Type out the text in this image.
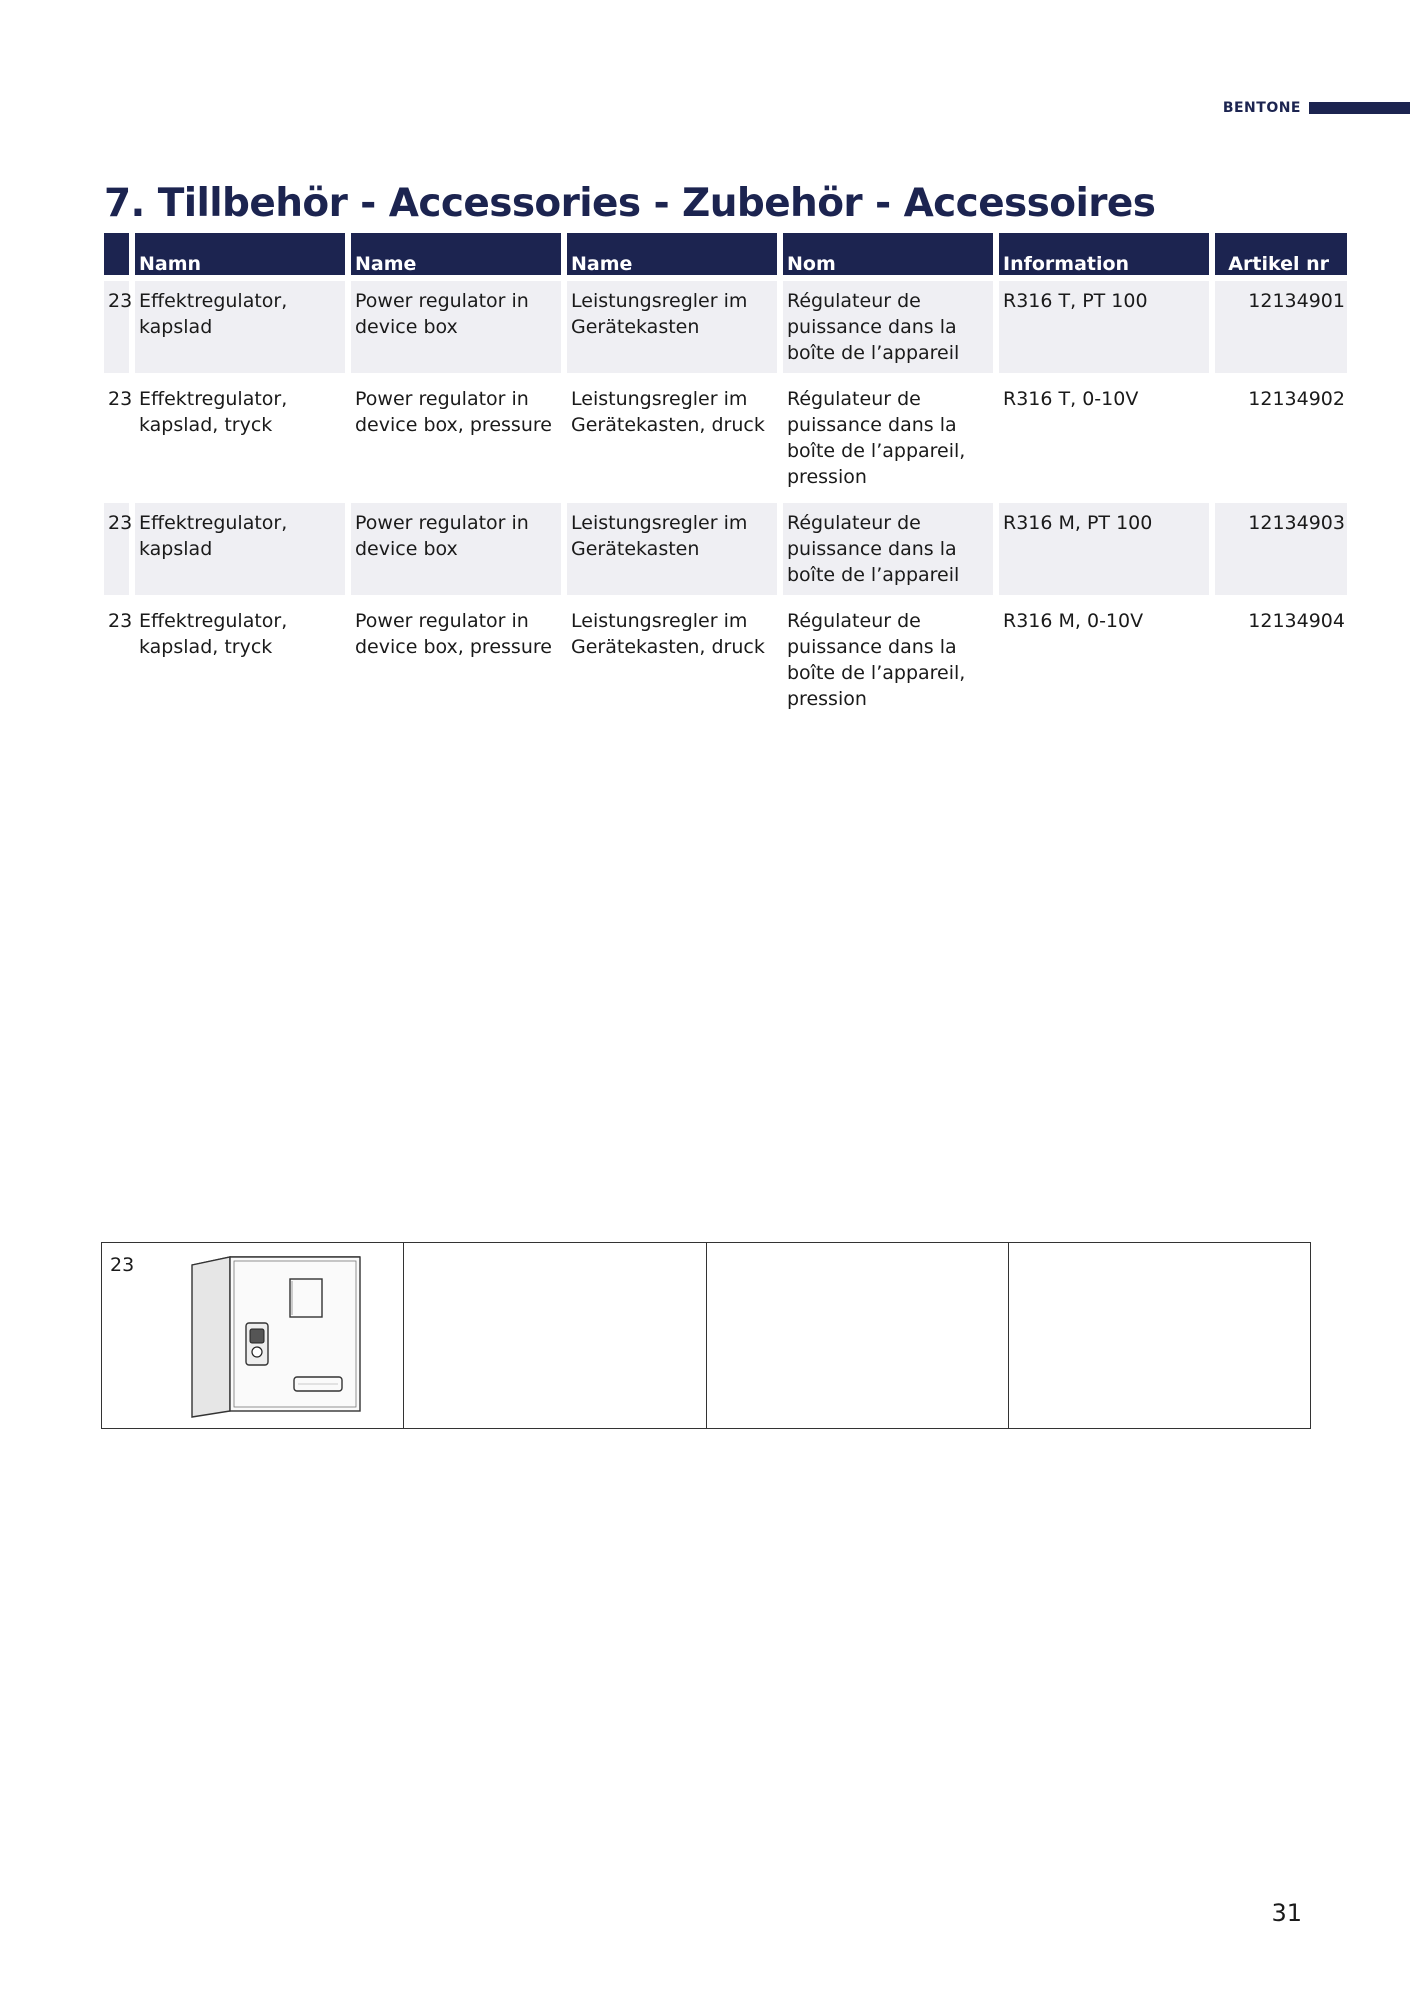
BENTONE
7. Tillbehör - Accessories - Zubehör - Accessoires
	Namn	Name	Name	Nom	Information	Artikel nr

23	Effektregulator, kapslad	Power regulator in device box	Leistungsregler im Gerätekasten	Régulateur de puissance dans la boîte de l’appareil	R316 T, PT 100	12134901

23	Effektregulator, kapslad, tryck	Power regulator in device box, pressure	Leistungsregler im Gerätekasten, druck	Régulateur de puissance dans la boîte de l’appareil, pression	R316 T, 0-10V	12134902

23	Effektregulator, kapslad	Power regulator in device box	Leistungsregler im Gerätekasten	Régulateur de puissance dans la boîte de l’appareil	R316 M, PT 100	12134903

23	Effektregulator, kapslad, tryck	Power regulator in device box, pressure	Leistungsregler im Gerätekasten, druck	Régulateur de puissance dans la boîte de l’appareil, pression	R316 M, 0-10V	12134904
23

31
